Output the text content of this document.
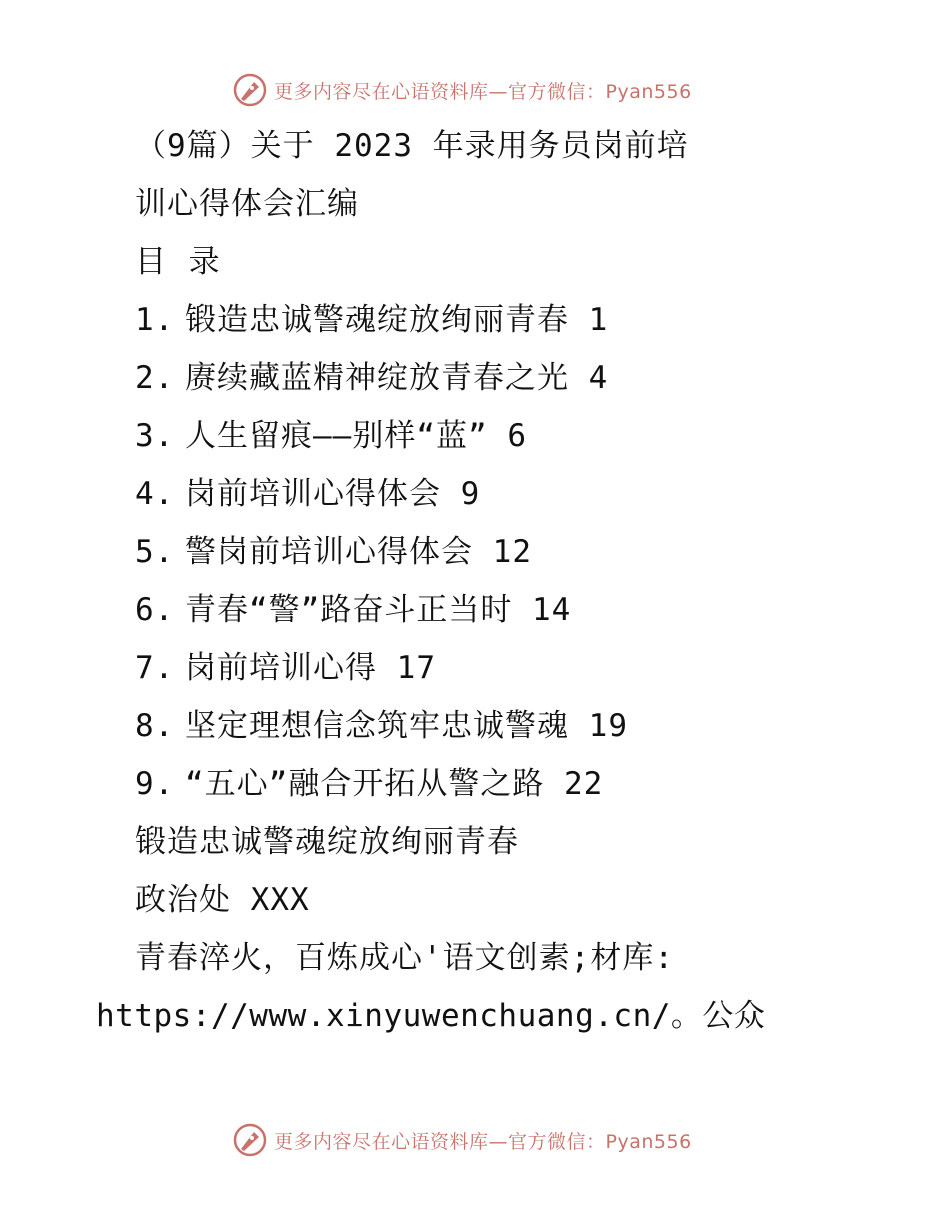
更多内容尽在心语资料库—官方微信：Pyan556
（9篇）关于 2023 年录用务员岗前培
训心得体会汇编
目 录
1. 锻造忠诚警魂绽放绚丽青春 1
2. 赓续藏蓝精神绽放青春之光 4
3. 人生留痕——别样“蓝” 6
4. 岗前培训心得体会 9
5. 警岗前培训心得体会 12
6. 青春“警”路奋斗正当时 14
7. 岗前培训心得 17
8. 坚定理想信念筑牢忠诚警魂 19
9. “五心”融合开拓从警之路 22
锻造忠诚警魂绽放绚丽青春
政治处 XXX
青春淬火，百炼成心'语文创素;材库:
https://www.xinyuwenchuang.cn/。公众
更多内容尽在心语资料库—官方微信：Pyan556
